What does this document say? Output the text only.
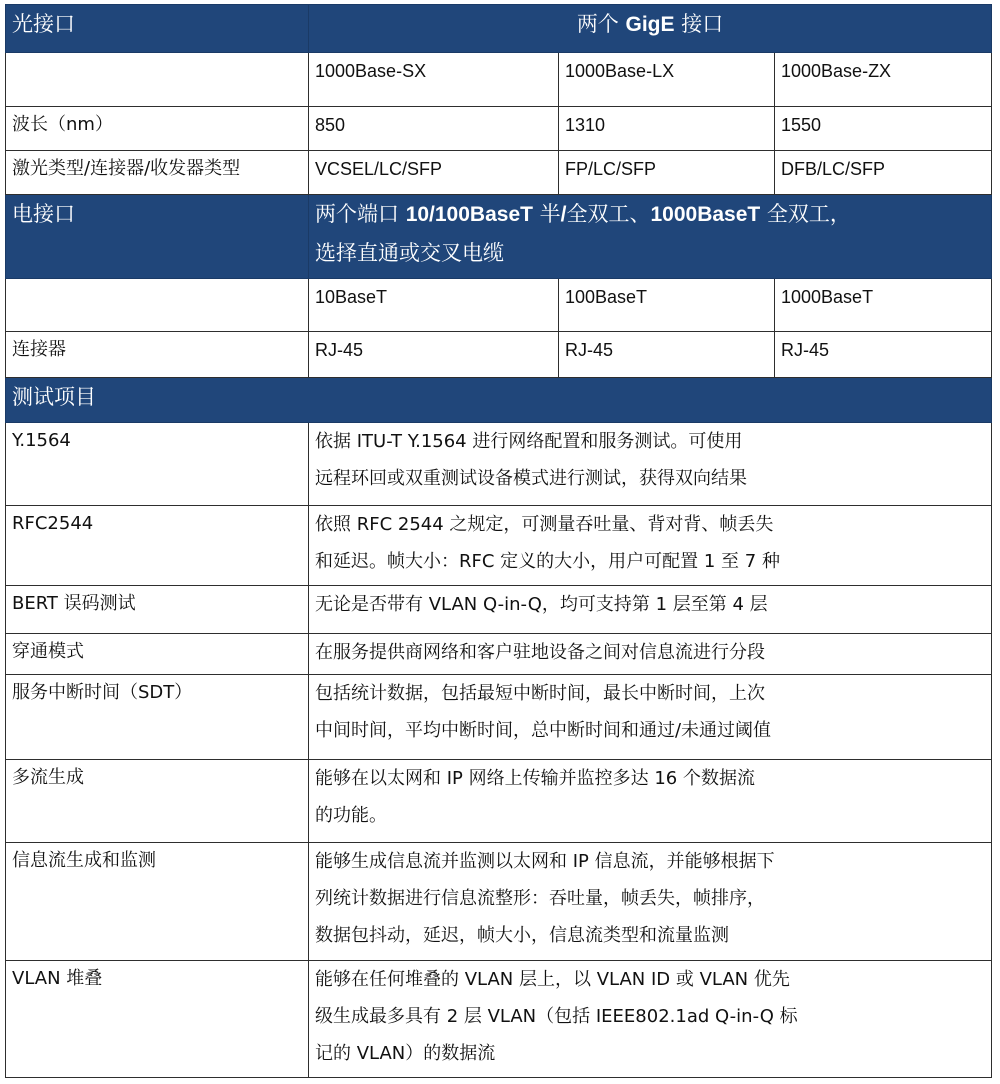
光接口	两个 GigE 接口		
	1000Base-SX	1000Base-LX	1000Base-ZX
波长（nm）	850	1310	1550
激光类型/连接器/收发器类型	VCSEL/LC/SFP	FP/LC/SFP	DFB/LC/SFP
电接口	两个端口 10/100BaseT 半/全双工、1000BaseT 全双工，
选择直通或交叉电缆		

	10BaseT	100BaseT	1000BaseT
连接器	RJ-45	RJ-45	RJ-45
测试项目			
Y.1564	依据 ITU-T Y.1564 进行网络配置和服务测试。可使用
远程环回或双重测试设备模式进行测试，获得双向结果		

RFC2544	依照 RFC 2544 之规定，可测量吞吐量、背对背、帧丢失
和延迟。帧大小：RFC 定义的大小，用户可配置 1 至 7 种		

BERT 误码测试	无论是否带有 VLAN Q-in-Q，均可支持第 1 层至第 4 层		

穿通模式	在服务提供商网络和客户驻地设备之间对信息流进行分段		

服务中断时间（SDT）	包括统计数据，包括最短中断时间，最长中断时间，上次
中间时间，平均中断时间，总中断时间和通过/未通过阈值		

多流生成	能够在以太网和 IP 网络上传输并监控多达 16 个数据流
的功能。		

信息流生成和监测	能够生成信息流并监测以太网和 IP 信息流，并能够根据下
列统计数据进行信息流整形：吞吐量，帧丢失，帧排序，
数据包抖动，延迟，帧大小，信息流类型和流量监测		

VLAN 堆叠	能够在任何堆叠的 VLAN 层上，以 VLAN ID 或 VLAN 优先
级生成最多具有 2 层 VLAN（包括 IEEE802.1ad Q-in-Q 标
记的 VLAN）的数据流		
